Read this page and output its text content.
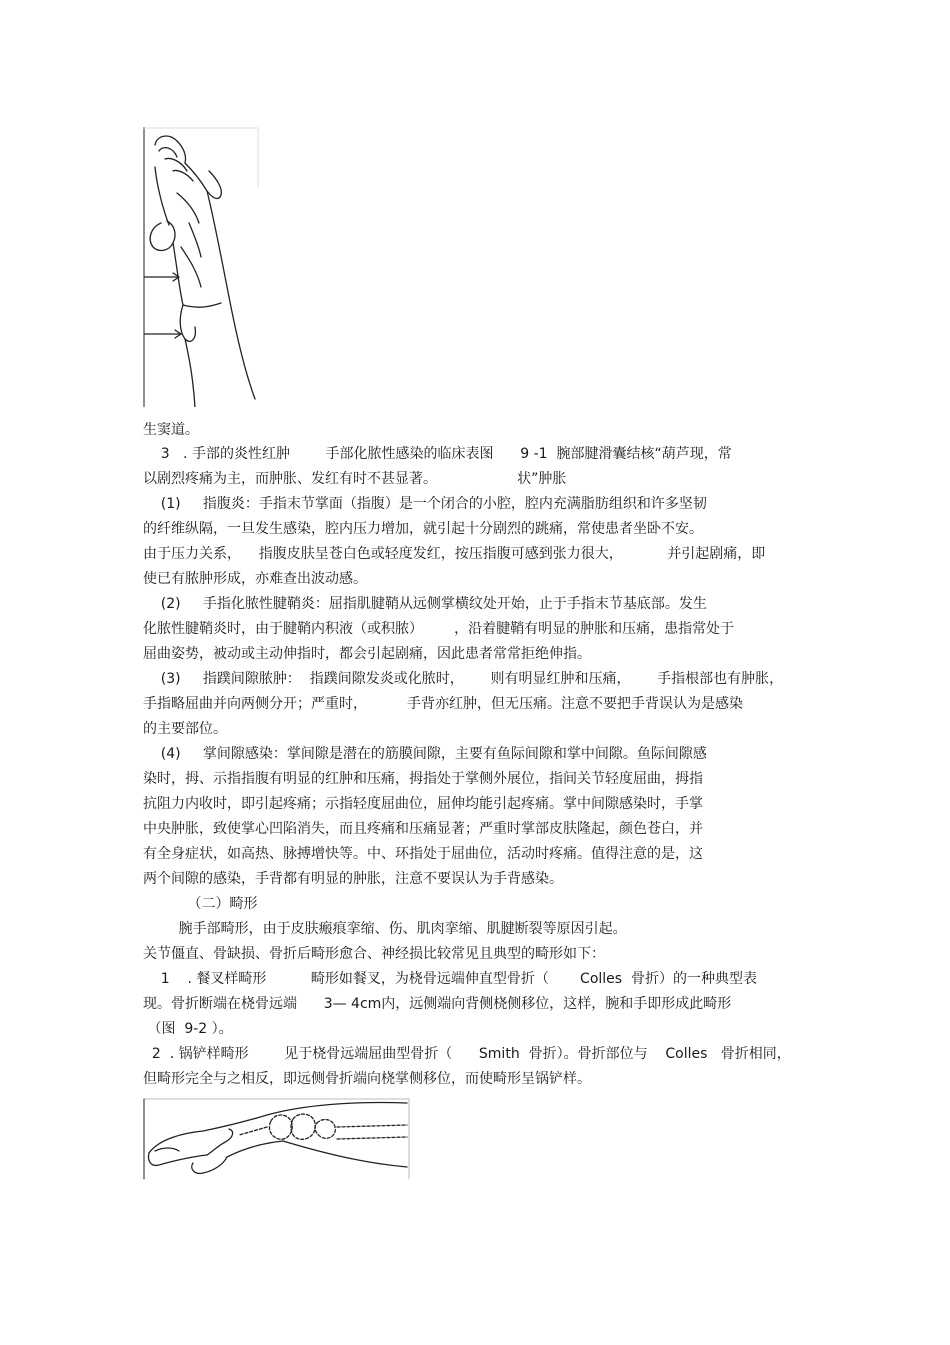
生窦道。
3   . 手部的炎性红肿        手部化脓性感染的临床表图      9 -1  腕部腱滑囊结核“葫芦现，常
以剧烈疼痛为主，而肿胀、发红有时不甚显著。                  状”肿胀
(1)     指腹炎：手指末节掌面（指腹）是一个闭合的小腔，腔内充满脂肪组织和许多坚韧
的纤维纵隔，一旦发生感染，腔内压力增加，就引起十分剧烈的跳痛，常使患者坐卧不安。
由于压力关系，    指腹皮肤呈苍白色或轻度发红，按压指腹可感到张力很大，          并引起剧痛，即
使已有脓肿形成，亦难查出波动感。
(2)     手指化脓性腱鞘炎：屈指肌腱鞘从远侧掌横纹处开始，止于手指末节基底部。发生
化脓性腱鞘炎时，由于腱鞘内积液（或积脓）       ，沿着腱鞘有明显的肿胀和压痛，患指常处于
屈曲姿势，被动或主动伸指时，都会引起剧痛，因此患者常常拒绝伸指。
(3)     指蹼间隙脓肿：  指蹼间隙发炎或化脓时，      则有明显红肿和压痛，      手指根部也有肿胀，
手指略屈曲并向两侧分开；严重时，         手背亦红肿，但无压痛。注意不要把手背误认为是感染
的主要部位。
(4)     掌间隙感染：掌间隙是潜在的筋膜间隙，主要有鱼际间隙和掌中间隙。鱼际间隙感
染时，拇、示指指腹有明显的红肿和压痛，拇指处于掌侧外展位，指间关节轻度屈曲，拇指
抗阻力内收时，即引起疼痛；示指轻度屈曲位，屈伸均能引起疼痛。掌中间隙感染时，手掌
中央肿胀，致使掌心凹陷消失，而且疼痛和压痛显著；严重时掌部皮肤隆起，颜色苍白，并
有全身症状，如高热、脉搏增快等。中、环指处于屈曲位，活动时疼痛。值得注意的是，这
两个间隙的感染，手背都有明显的肿胀，注意不要误认为手背感染。
（二）畸形
腕手部畸形，由于皮肤瘢痕挛缩、伤、肌肉挛缩、肌腱断裂等原因引起。
关节僵直、骨缺损、骨折后畸形愈合、神经损比较常见且典型的畸形如下：
1    . 餐叉样畸形          畸形如餐叉，为桡骨远端伸直型骨折（       Colles  骨折）的一种典型表
现。骨折断端在桡骨远端      3— 4cm内，远侧端向背侧桡侧移位，这样，腕和手即形成此畸形
（图  9-2 ）。
2  . 锅铲样畸形        见于桡骨远端屈曲型骨折（      Smith  骨折）。骨折部位与    Colles   骨折相同，
但畸形完全与之相反，即远侧骨折端向桡掌侧移位，而使畸形呈锅铲样。
